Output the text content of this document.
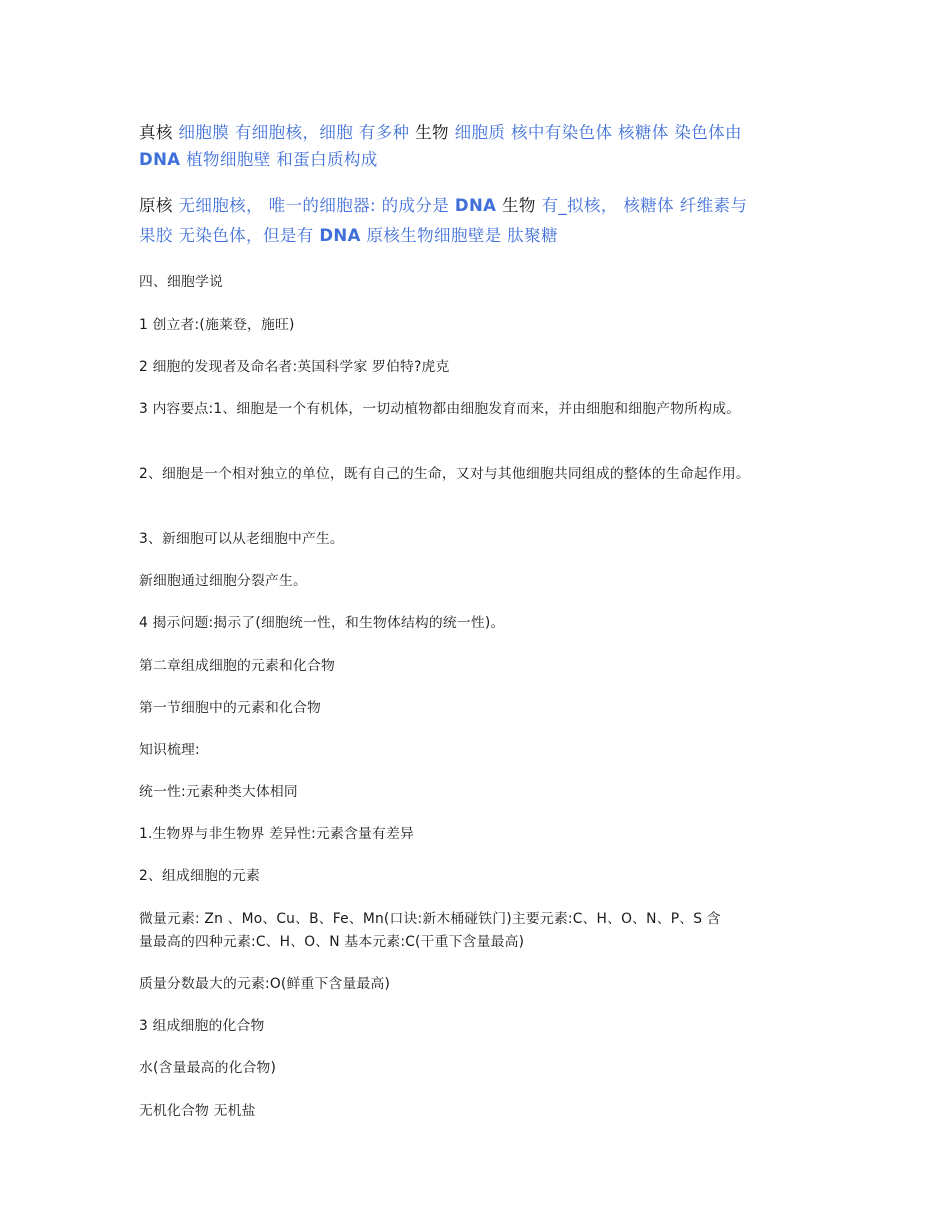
真核 细胞膜 有细胞核，细胞 有多种 生物 细胞质 核中有染色体 核糖体 染色体由
DNA 植物细胞壁 和蛋白质构成
原核 无细胞核， 唯一的细胞器: 的成分是 DNA 生物 有_拟核， 核糖体 纤维素与
果胶 无染色体，但是有 DNA 原核生物细胞壁是 肽聚糖
四、细胞学说
1 创立者:(施莱登，施旺)
2 细胞的发现者及命名者:英国科学家 罗伯特?虎克
3 内容要点:1、细胞是一个有机体，一切动植物都由细胞发育而来，并由细胞和细胞产物所构成。
2、细胞是一个相对独立的单位，既有自己的生命，又对与其他细胞共同组成的整体的生命起作用。
3、新细胞可以从老细胞中产生。
新细胞通过细胞分裂产生。
4 揭示问题:揭示了(细胞统一性，和生物体结构的统一性)。
第二章组成细胞的元素和化合物
第一节细胞中的元素和化合物
知识梳理:
统一性:元素种类大体相同
1.生物界与非生物界 差异性:元素含量有差异
2、组成细胞的元素
微量元素: Zn 、Mo、Cu、B、Fe、Mn(口诀:新木桶碰铁门)主要元素:C、H、O、N、P、S 含
量最高的四种元素:C、H、O、N 基本元素:C(干重下含量最高)
质量分数最大的元素:O(鲜重下含量最高)
3 组成细胞的化合物
水(含量最高的化合物)
无机化合物 无机盐
